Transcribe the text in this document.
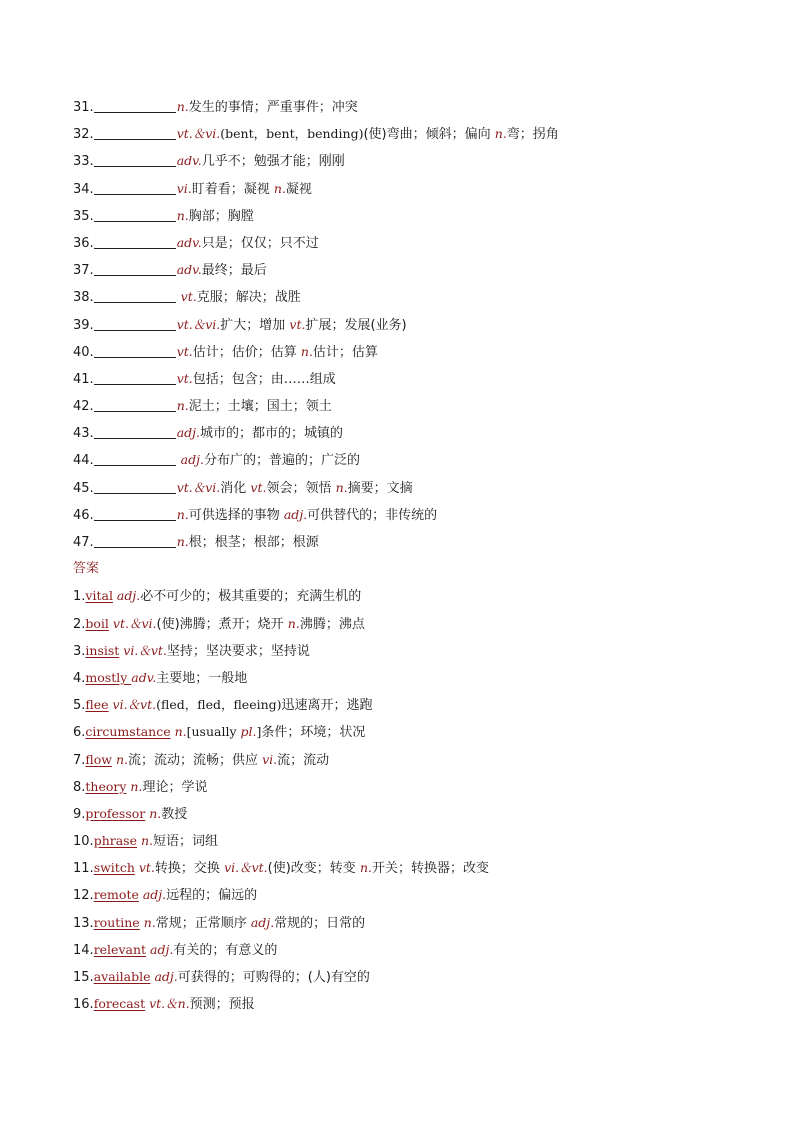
31.	n.发生的事情；严重事件；冲突
32.	vt.＆vi.(bent，bent，bending)(使)弯曲；倾斜；偏向 n.弯；拐角
33.	adv.几乎不；勉强才能；刚刚
34.	vi.盯着看；凝视 n.凝视
35.	n.胸部；胸膛
36.	adv.只是；仅仅；只不过
37.	adv.最终；最后
38.	vt.克服；解决；战胜
39.	vt.＆vi.扩大；增加 vt.扩展；发展(业务)
40.	vt.估计；估价；估算 n.估计；估算
41.	vt.包括；包含；由……组成
42.	n.泥土；土壤；国土；领土
43.	adj.城市的；都市的；城镇的
44.	adj.分布广的；普遍的；广泛的
45.	vt.＆vi.消化 vt.领会；领悟 n.摘要；文摘
46.	n.可供选择的事物 adj.可供替代的；非传统的
47.	n.根；根茎；根部；根源
答案
1.vital adj.必不可少的；极其重要的；充满生机的
2.boil vt.＆vi.(使)沸腾；煮开；烧开 n.沸腾；沸点
3.insist vi.＆vt.坚持；坚决要求；坚持说
4.mostly adv.主要地；一般地
5.flee vi.＆vt.(fled，fled，fleeing)迅速离开；逃跑
6.circumstance n.[usually pl.]条件；环境；状况
7.flow n.流；流动；流畅；供应 vi.流；流动
8.theory n.理论；学说
9.professor n.教授
10.phrase n.短语；词组
11.switch vt.转换；交换 vi.＆vt.(使)改变；转变 n.开关；转换器；改变
12.remote adj.远程的；偏远的
13.routine n.常规；正常顺序 adj.常规的；日常的
14.relevant adj.有关的；有意义的
15.available adj.可获得的；可购得的；(人)有空的
16.forecast vt.＆n.预测；预报
